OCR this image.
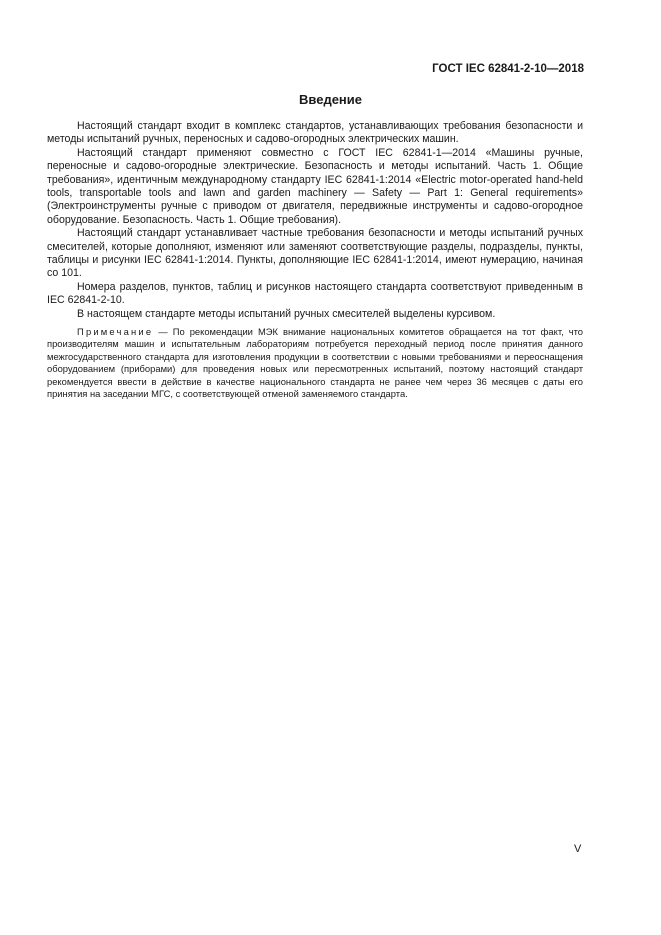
ГОСТ IEC 62841-2-10—2018
Введение

Настоящий стандарт входит в комплекс стандартов, устанавливающих требования безопасности и методы испытаний ручных, переносных и садово-огородных электрических машин.

Настоящий стандарт применяют совместно с ГОСТ IEC 62841-1—2014 «Машины ручные, переносные и садово-огородные электрические. Безопасность и методы испытаний. Часть 1. Общие требования», идентичным международному стандарту IEC 62841-1:2014 «Electric motor-operated hand-held tools, transportable tools and lawn and garden machinery — Safety — Part 1: General requirements» (Электроинструменты ручные с приводом от двигателя, передвижные инструменты и садово-огородное оборудование. Безопасность. Часть 1. Общие требования).

Настоящий стандарт устанавливает частные требования безопасности и методы испытаний ручных смесителей, которые дополняют, изменяют или заменяют соответствующие разделы, подразделы, пункты, таблицы и рисунки IEC 62841-1:2014. Пункты, дополняющие IEC 62841-1:2014, имеют нумерацию, начиная со 101.

Номера разделов, пунктов, таблиц и рисунков настоящего стандарта соответствуют приведенным в IEC 62841-2-10.

В настоящем стандарте методы испытаний ручных смесителей выделены курсивом.

Примечание — По рекомендации МЭК внимание национальных комитетов обращается на тот факт, что производителям машин и испытательным лабораториям потребуется переходный период после принятия данного межгосударственного стандарта для изготовления продукции в соответствии с новыми требованиями и переоснащения оборудованием (приборами) для проведения новых или пересмотренных испытаний, поэтому настоящий стандарт рекомендуется ввести в действие в качестве национального стандарта не ранее чем через 36 месяцев с даты его принятия на заседании МГС, с соответствующей отменой заменяемого стандарта.

V
